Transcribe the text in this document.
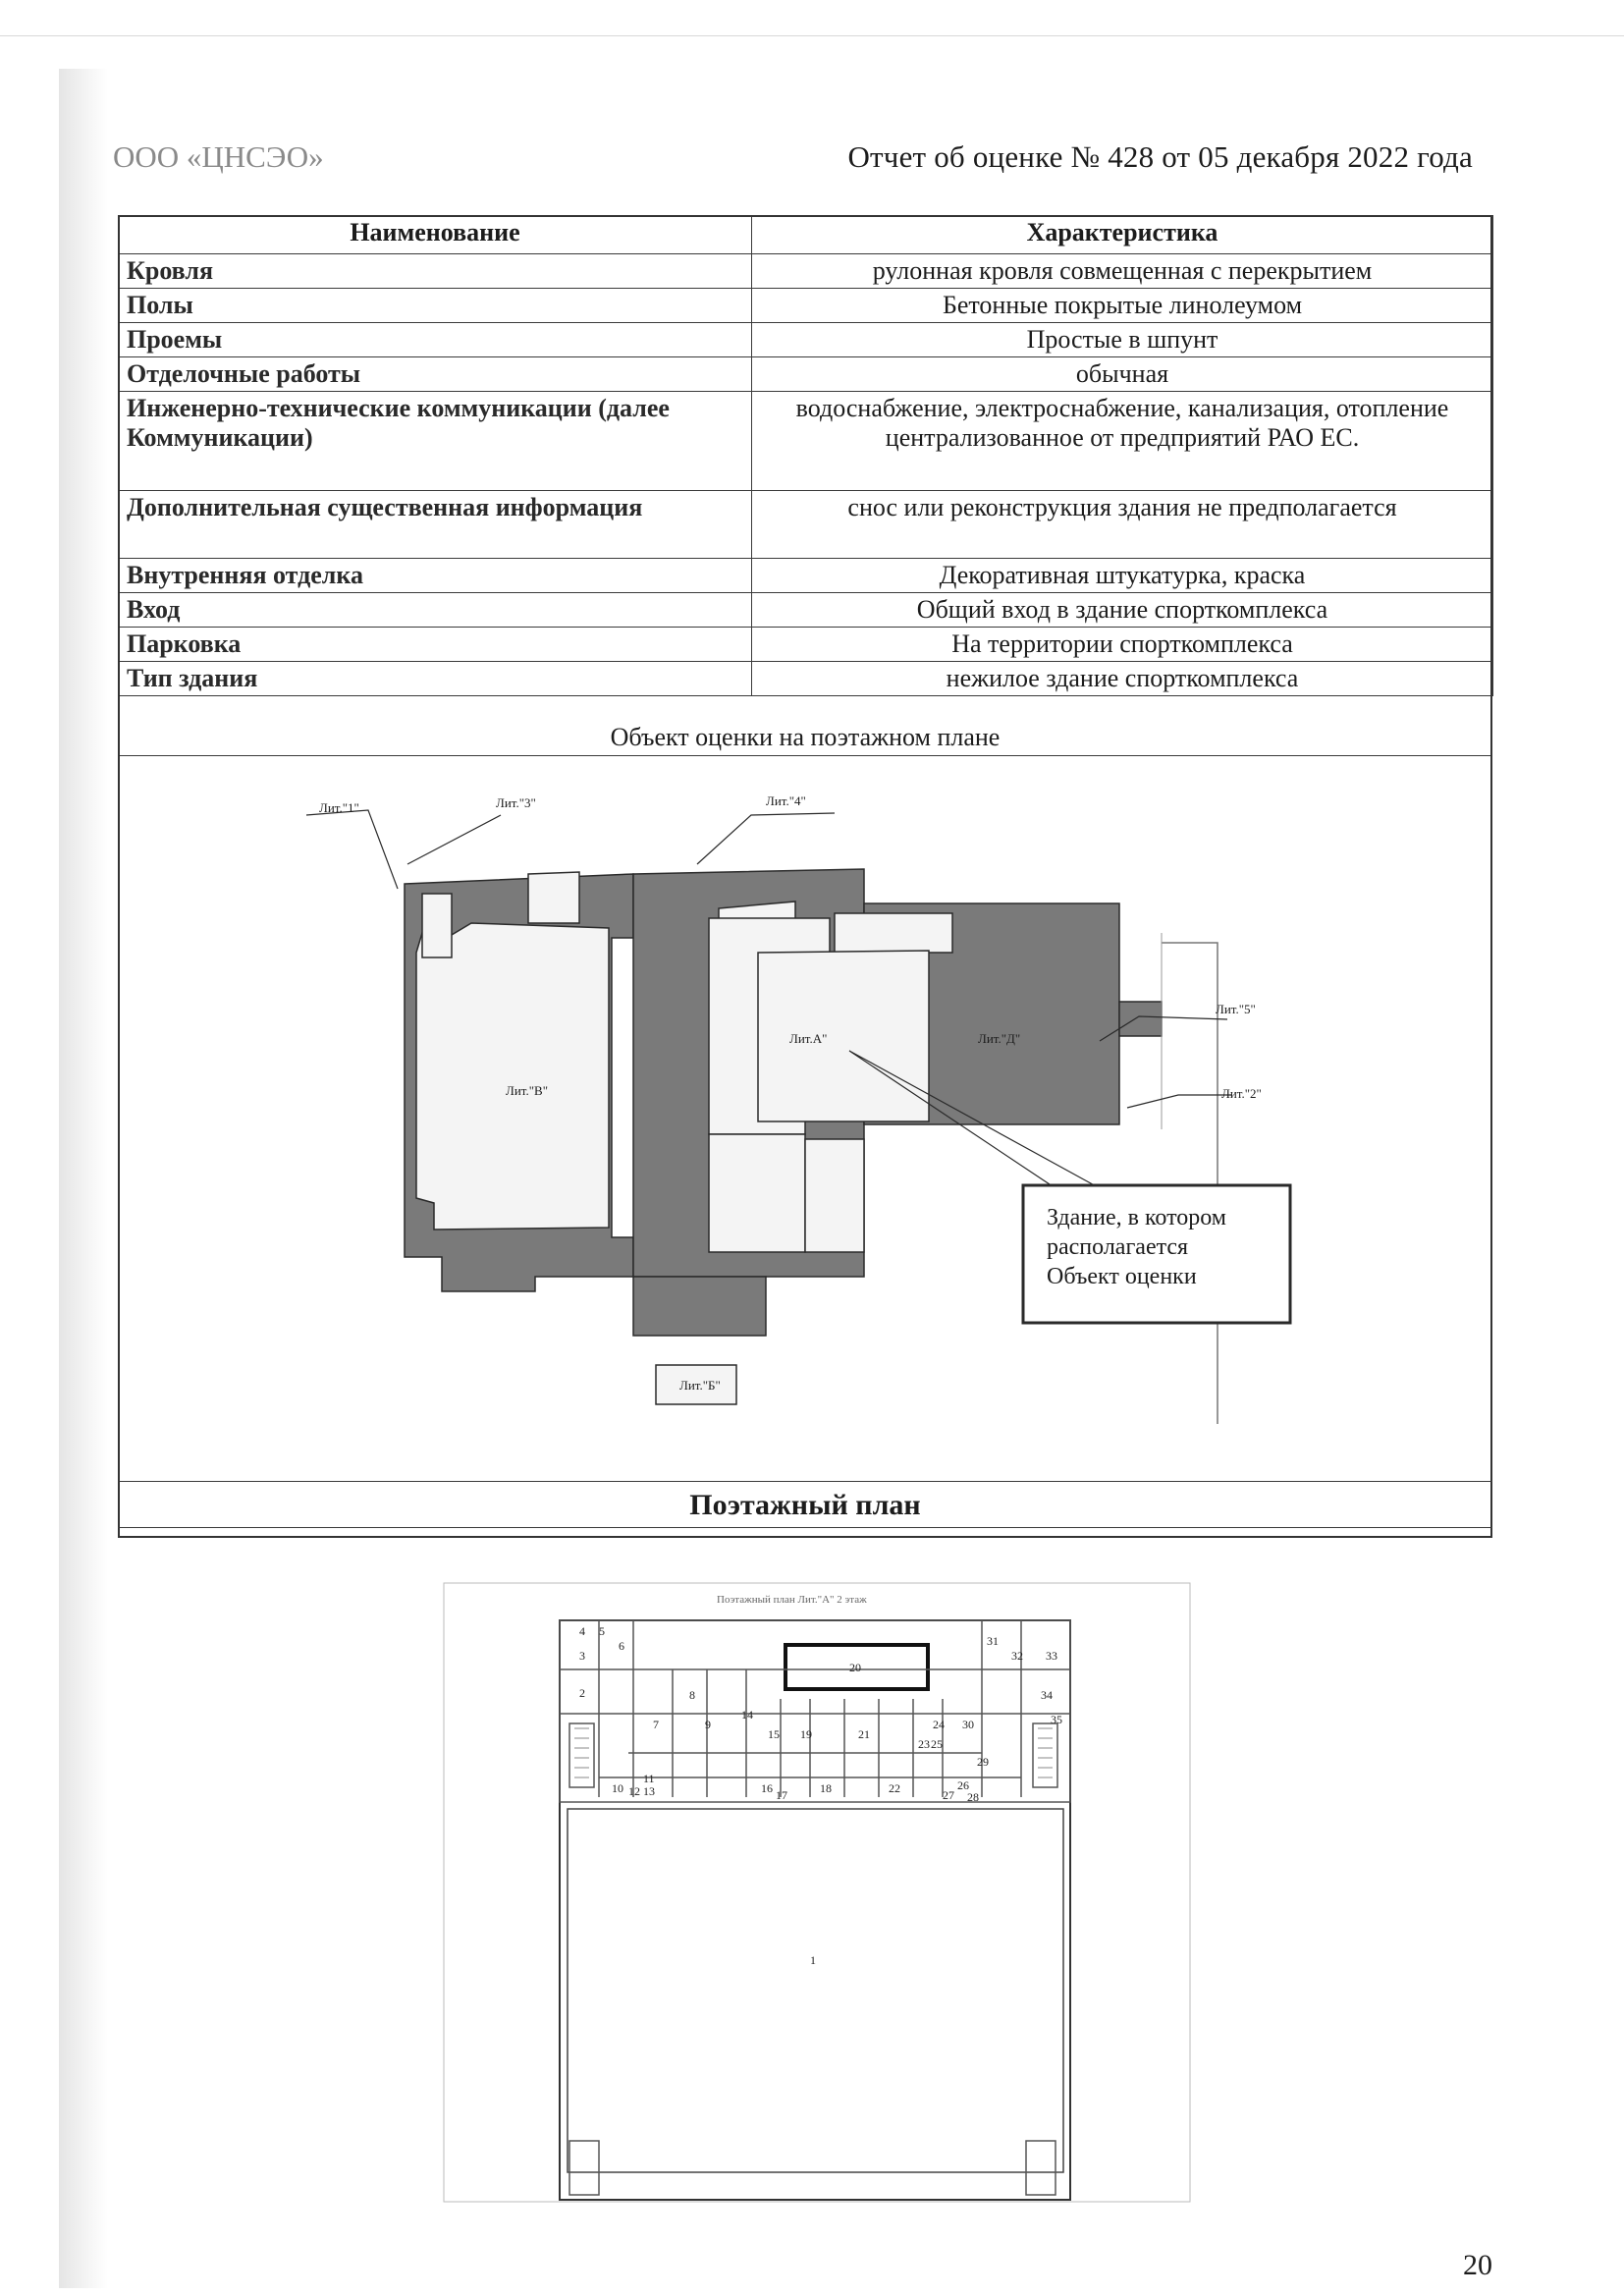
ООО «ЦНСЭО»	Отчет об оценке № 428 от 05 декабря 2022 года
Наименование	Характеристика
Кровля	рулонная кровля совмещенная с перекрытием
Полы	Бетонные покрытые линолеумом
Проемы	Простые в шпунт
Отделочные работы	обычная
Инженерно-технические коммуникации (далее Коммуникации)	водоснабжение, электроснабжение, канализация, отопление централизованное от предприятий РАО ЕС.
Дополнительная существенная информация	снос или реконструкция здания не предполагается
Внутренняя отделка	Декоративная штукатурка, краска
Вход	Общий вход в здание спорткомплекса
Парковка	На территории спорткомплекса
Тип здания	нежилое здание спорткомплекса
Объект оценки на поэтажном плане
Здание, в котором
располагается
Объект оценки
Лит."1"	Лит."3"	Лит."4"
Лит."5"
Лит."2"
Лит."В"
Лит.А"	Лит."Д"
Лит."Б"
Поэтажный план
Поэтажный план Лит."А" 2 этаж
10
11
12 13
2
4 5
6
7
8
9
14
15
16 17	18
19
20
21
22
23
24
25
26
27 28
29
30
31
32 33
34
35
3
1
20
